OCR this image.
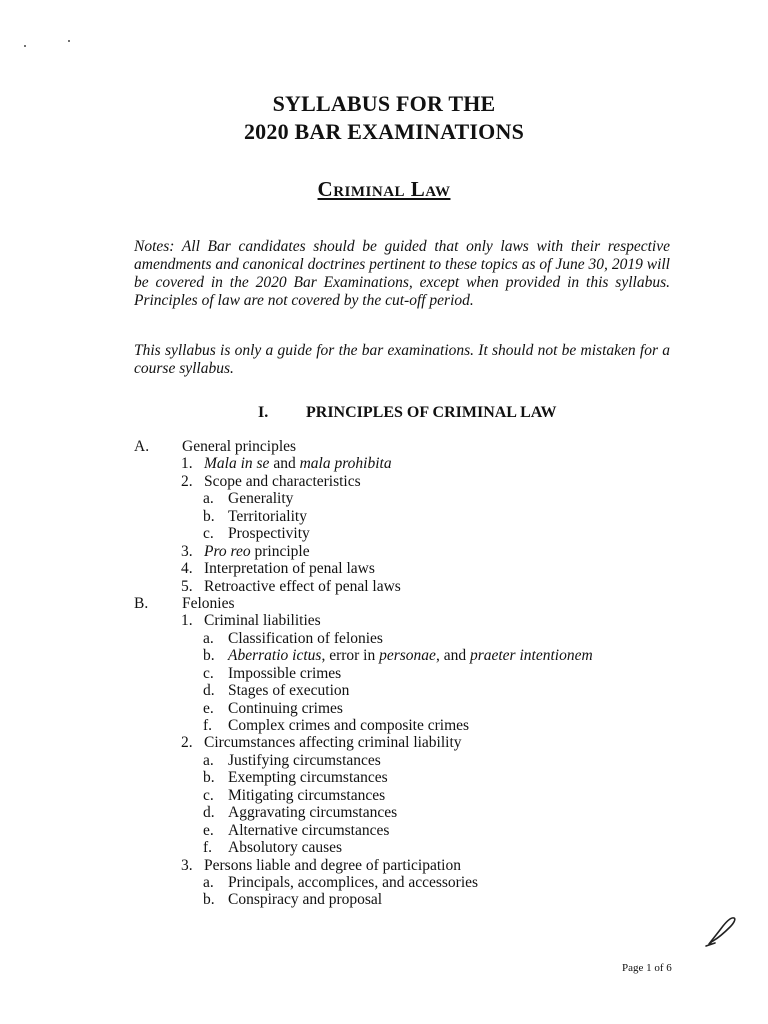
SYLLABUS FOR THE
2020 BAR EXAMINATIONS
Criminal Law
Notes: All Bar candidates should be guided that only laws with their respective amendments and canonical doctrines pertinent to these topics as of June 30, 2019 will be covered in the 2020 Bar Examinations, except when provided in this syllabus. Principles of law are not covered by the cut-off period.
This syllabus is only a guide for the bar examinations. It should not be mistaken for a course syllabus.
I. PRINCIPLES OF CRIMINAL LAW
A. General principles
1. Mala in se and mala prohibita
2. Scope and characteristics
a. Generality
b. Territoriality
c. Prospectivity
3. Pro reo principle
4. Interpretation of penal laws
5. Retroactive effect of penal laws
B. Felonies
1. Criminal liabilities
a. Classification of felonies
b. Aberratio ictus, error in personae, and praeter intentionem
c. Impossible crimes
d. Stages of execution
e. Continuing crimes
f. Complex crimes and composite crimes
2. Circumstances affecting criminal liability
a. Justifying circumstances
b. Exempting circumstances
c. Mitigating circumstances
d. Aggravating circumstances
e. Alternative circumstances
f. Absolutory causes
3. Persons liable and degree of participation
a. Principals, accomplices, and accessories
b. Conspiracy and proposal
Page 1 of 6
